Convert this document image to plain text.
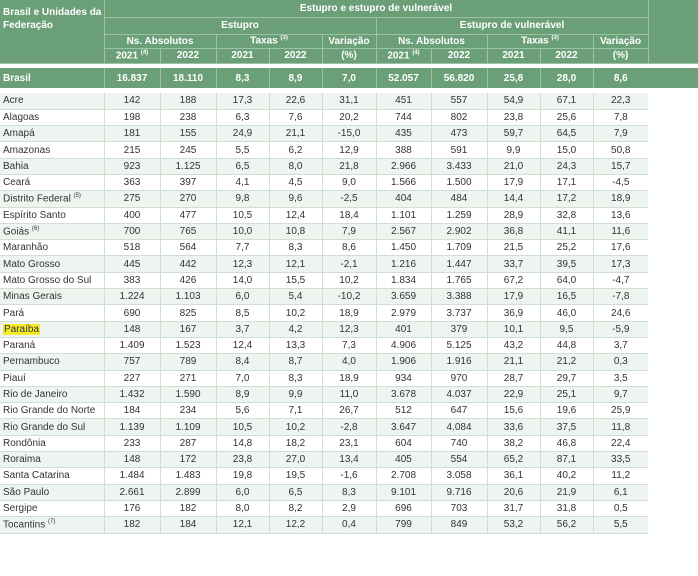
Brasil e Unidades da
Federação	Estupro e estupro de vulnerável										
	Estupro					Estupro de vulnerável					
	Ns. Absolutos		Taxas $^{(3)}$		Variação	Ns. Absolutos		Taxas $^{(3)}$		Variação	
	2021 $^{(4)}$	2022	2021	2022	(%)	2021 $^{(4)}$	2022	2021	2022	(%)	

Brasil	16.837	18.110	8,3	8,9	7,0	52.057	56.820	25,8	28,0	8,6	

Acre	142	188	17,3	22,6	31,1	451	557	54,9	67,1	22,3	
Alagoas	198	238	6,3	7,6	20,2	744	802	23,8	25,6	7,8	
Amapá	181	155	24,9	21,1	-15,0	435	473	59,7	64,5	7,9	
Amazonas	215	245	5,5	6,2	12,9	388	591	9,9	15,0	50,8	
Bahia	923	1.125	6,5	8,0	21,8	2.966	3.433	21,0	24,3	15,7	
Ceará	363	397	4,1	4,5	9,0	1.566	1.500	17,9	17,1	-4,5	
Distrito Federal $^{(5)}$	275	270	9,8	9,6	-2,5	404	484	14,4	17,2	18,9	
Espírito Santo	400	477	10,5	12,4	18,4	1.101	1.259	28,9	32,8	13,6	
Goiás $^{(6)}$	700	765	10,0	10,8	7,9	2.567	2.902	36,8	41,1	11,6	
Maranhão	518	564	7,7	8,3	8,6	1.450	1.709	21,5	25,2	17,6	
Mato Grosso	445	442	12,3	12,1	-2,1	1.216	1.447	33,7	39,5	17,3	
Mato Grosso do Sul	383	426	14,0	15,5	10,2	1.834	1.765	67,2	64,0	-4,7	
Minas Gerais	1.224	1.103	6,0	5,4	-10,2	3.659	3.388	17,9	16,5	-7,8	
Pará	690	825	8,5	10,2	18,9	2.979	3.737	36,9	46,0	24,6	
Paraíba	148	167	3,7	4,2	12,3	401	379	10,1	9,5	-5,9	
Paraná	1.409	1.523	12,4	13,3	7,3	4.906	5.125	43,2	44,8	3,7	
Pernambuco	757	789	8,4	8,7	4,0	1.906	1.916	21,1	21,2	0,3	
Piauí	227	271	7,0	8,3	18,9	934	970	28,7	29,7	3,5	
Rio de Janeiro	1.432	1.590	8,9	9,9	11,0	3.678	4.037	22,9	25,1	9,7	
Rio Grande do Norte	184	234	5,6	7,1	26,7	512	647	15,6	19,6	25,9	
Rio Grande do Sul	1.139	1.109	10,5	10,2	-2,8	3.647	4.084	33,6	37,5	11,8	
Rondônia	233	287	14,8	18,2	23,1	604	740	38,2	46,8	22,4	
Roraima	148	172	23,8	27,0	13,4	405	554	65,2	87,1	33,5	
Santa Catarina	1.484	1.483	19,8	19,5	-1,6	2.708	3.058	36,1	40,2	11,2	
São Paulo	2.661	2.899	6,0	6,5	8,3	9.101	9.716	20,6	21,9	6,1	
Sergipe	176	182	8,0	8,2	2,9	696	703	31,7	31,8	0,5	
Tocantins $^{(7)}$	182	184	12,1	12,2	0,4	799	849	53,2	56,2	5,5	
